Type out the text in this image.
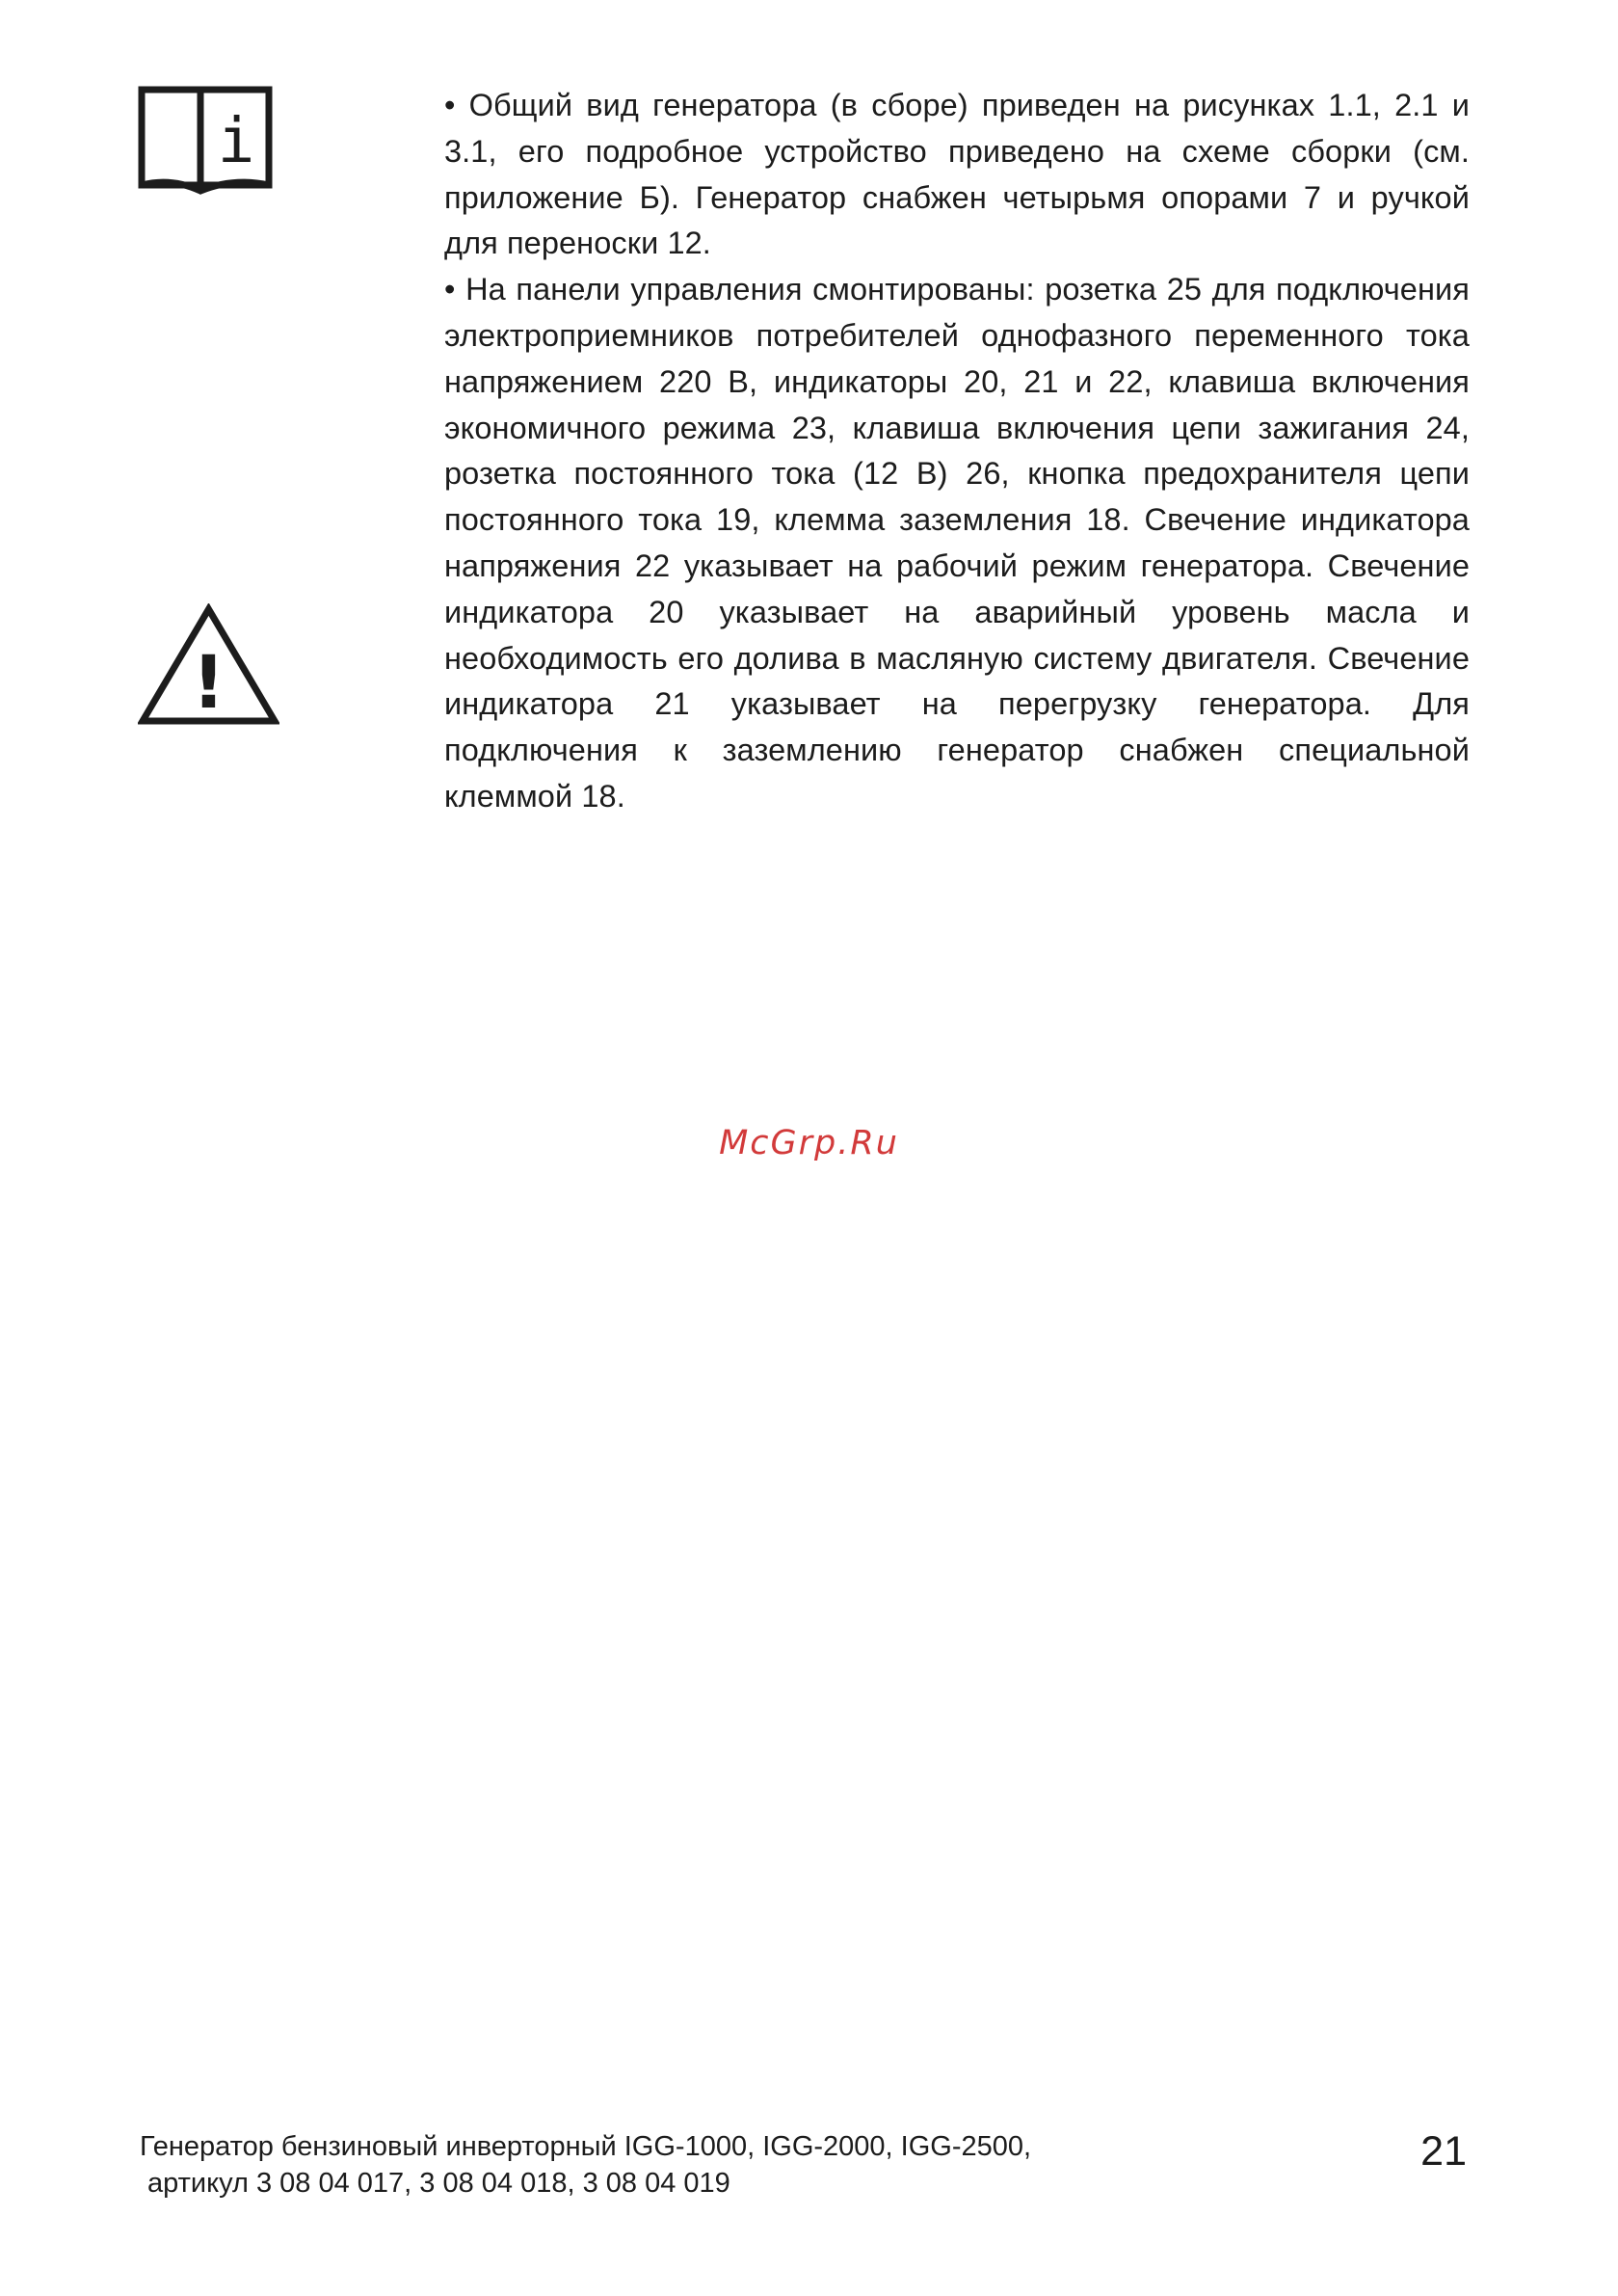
i
!

• Общий вид генератора (в сборе) приведен на рисунках 1.1, 2.1 и 3.1, его подробное устройство приведено на схеме сборки (см. приложение Б). Генератор снабжен четырьмя опорами 7 и ручкой для переноски 12.

• На панели управления смонтированы: розетка 25 для подключения электроприемников потребителей однофазного переменного тока напряжением 220 В, индикаторы 20, 21 и 22, клавиша включения экономичного режима 23, клавиша включения цепи зажигания 24, розетка постоянного тока (12 В) 26, кнопка предохранителя цепи постоянного тока 19, клемма заземления 18. Свечение индикатора напряжения 22 указывает на рабочий режим генератора. Свечение индикатора 20 указывает на аварийный уровень масла и необходимость его долива в масляную систему двигателя. Свечение индикатора 21 указывает на перегрузку генератора. Для подключения к заземлению генератор снабжен специальной клеммой 18.

McGrp.Ru
Генератор бензиновый инверторный IGG-1000, IGG-2000, IGG-2500,
артикул 3 08 04 017, 3 08 04 018, 3 08 04 019
21
